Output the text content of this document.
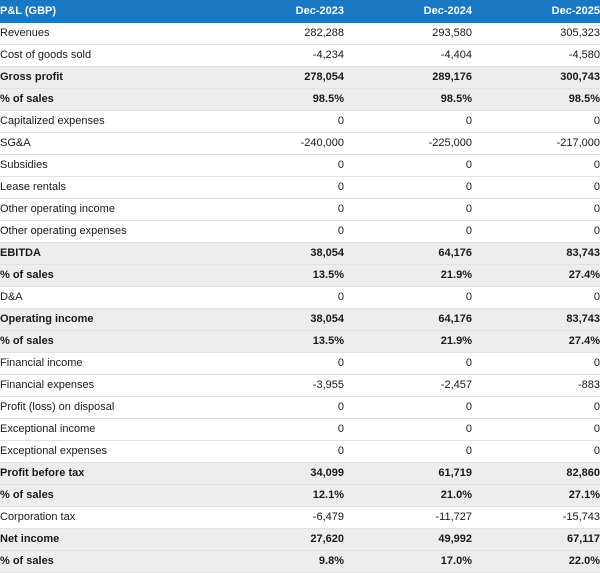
P&L (GBP)	Dec-2023	Dec-2024	Dec-2025
Revenues	282,288	293,580	305,323
Cost of goods sold	-4,234	-4,404	-4,580
Gross profit	278,054	289,176	300,743
% of sales	98.5%	98.5%	98.5%
Capitalized expenses	0	0	0
SG&A	-240,000	-225,000	-217,000
Subsidies	0	0	0
Lease rentals	0	0	0
Other operating income	0	0	0
Other operating expenses	0	0	0
EBITDA	38,054	64,176	83,743
% of sales	13.5%	21.9%	27.4%
D&A	0	0	0
Operating income	38,054	64,176	83,743
% of sales	13.5%	21.9%	27.4%
Financial income	0	0	0
Financial expenses	-3,955	-2,457	-883
Profit (loss) on disposal	0	0	0
Exceptional income	0	0	0
Exceptional expenses	0	0	0
Profit before tax	34,099	61,719	82,860
% of sales	12.1%	21.0%	27.1%
Corporation tax	-6,479	-11,727	-15,743
Net income	27,620	49,992	67,117
% of sales	9.8%	17.0%	22.0%
